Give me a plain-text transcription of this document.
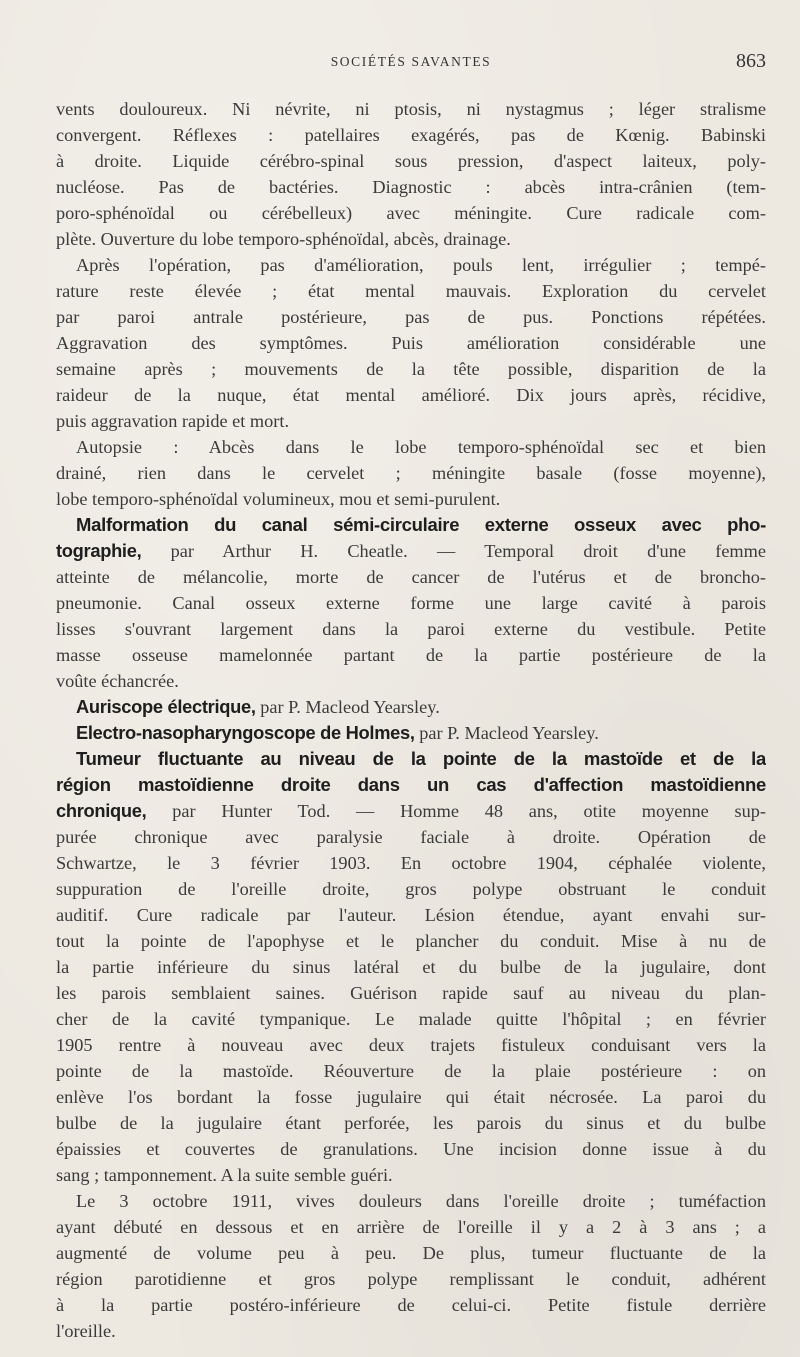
SOCIÉTÉS SAVANTES	863
vents douloureux. Ni névrite, ni ptosis, ni nystagmus ; léger stralisme
convergent. Réflexes : patellaires exagérés, pas de Kœnig. Babinski
à droite. Liquide cérébro-spinal sous pression, d'aspect laiteux, poly-
nucléose. Pas de bactéries. Diagnostic : abcès intra-crânien (tem-
poro-sphénoïdal ou cérébelleux) avec méningite. Cure radicale com-
plète. Ouverture du lobe temporo-sphénoïdal, abcès, drainage.
Après l'opération, pas d'amélioration, pouls lent, irrégulier ; tempé-
rature reste élevée ; état mental mauvais. Exploration du cervelet
par paroi antrale postérieure, pas de pus. Ponctions répétées.
Aggravation des symptômes. Puis amélioration considérable une
semaine après ; mouvements de la tête possible, disparition de la
raideur de la nuque, état mental amélioré. Dix jours après, récidive,
puis aggravation rapide et mort.
Autopsie : Abcès dans le lobe temporo-sphénoïdal sec et bien
drainé, rien dans le cervelet ; méningite basale (fosse moyenne),
lobe temporo-sphénoïdal volumineux, mou et semi-purulent.
Malformation du canal sémi-circulaire externe osseux avec pho-
tographie, par Arthur H. Cheatle. — Temporal droit d'une femme
atteinte de mélancolie, morte de cancer de l'utérus et de broncho-
pneumonie. Canal osseux externe forme une large cavité à parois
lisses s'ouvrant largement dans la paroi externe du vestibule. Petite
masse osseuse mamelonnée partant de la partie postérieure de la
voûte échancrée.
Auriscope électrique, par P. Macleod Yearsley.
Electro-nasopharyngoscope de Holmes, par P. Macleod Yearsley.
Tumeur fluctuante au niveau de la pointe de la mastoïde et de la
région mastoïdienne droite dans un cas d'affection mastoïdienne
chronique, par Hunter Tod. — Homme 48 ans, otite moyenne sup-
purée chronique avec paralysie faciale à droite. Opération de
Schwartze, le 3 février 1903. En octobre 1904, céphalée violente,
suppuration de l'oreille droite, gros polype obstruant le conduit
auditif. Cure radicale par l'auteur. Lésion étendue, ayant envahi sur-
tout la pointe de l'apophyse et le plancher du conduit. Mise à nu de
la partie inférieure du sinus latéral et du bulbe de la jugulaire, dont
les parois semblaient saines. Guérison rapide sauf au niveau du plan-
cher de la cavité tympanique. Le malade quitte l'hôpital ; en février
1905 rentre à nouveau avec deux trajets fistuleux conduisant vers la
pointe de la mastoïde. Réouverture de la plaie postérieure : on
enlève l'os bordant la fosse jugulaire qui était nécrosée. La paroi du
bulbe de la jugulaire étant perforée, les parois du sinus et du bulbe
épaissies et couvertes de granulations. Une incision donne issue à du
sang ; tamponnement. A la suite semble guéri.
Le 3 octobre 1911, vives douleurs dans l'oreille droite ; tuméfaction
ayant débuté en dessous et en arrière de l'oreille il y a 2 à 3 ans ; a
augmenté de volume peu à peu. De plus, tumeur fluctuante de la
région parotidienne et gros polype remplissant le conduit, adhérent
à la partie postéro-inférieure de celui-ci. Petite fistule derrière
l'oreille.
